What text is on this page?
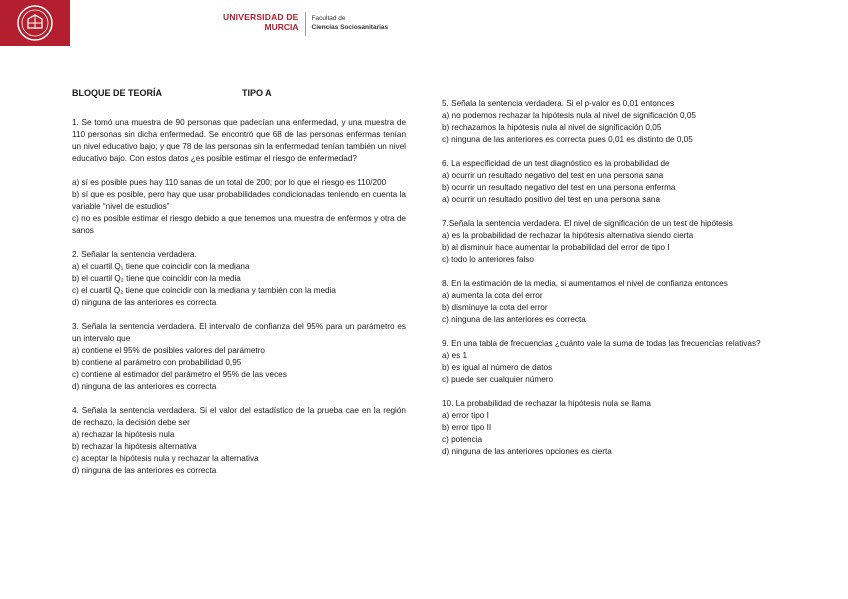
UNIVERSIDAD DE
MURCIA
Facultad de
Ciencias Sociosanitarias
BLOQUE DE TEORÍA	TIPO A
1. Se tomó una muestra de 90 personas que padecían una enfermedad, y una muestra de 110 personas sin dicha enfermedad. Se encontró que 68 de las personas enfermas tenían un nivel educativo bajo; y que 78 de las personas sin la enfermedad tenían también un nivel educativo bajo. Con estos datos ¿es posible estimar el riesgo de enfermedad?
a) sí es posible pues hay 110 sanas de un total de 200; por lo que el riesgo es 110/200
b) sí que es posible, pero hay que usar probabilidades condicionadas teniendo en cuenta la variable “nivel de estudios”
c) no es posible estimar el riesgo debido a que tenemos una muestra de enfermos y otra de sanos
2. Señalar la sentencia verdadera.
a) el cuartil Q₁ tiene que coincidir con la mediana
b) el cuartil Q₂ tiene que coincidir con la media
c) el cuartil Q₂ tiene que coincidir con la mediana y también con la media
d) ninguna de las anteriores es correcta
3. Señala la sentencia verdadera. El intervalo de confianza del 95% para un parámetro es un intervalo que
a) contiene el 95% de posibles valores del parámetro
b) contiene al parámetro con probabilidad 0,95
c) contiene al estimador del parámetro el 95% de las veces
d) ninguna de las anteriores es correcta
4. Señala la sentencia verdadera. Si el valor del estadístico de la prueba cae en la región de rechazo, la decisión debe ser
a) rechazar la hipótesis nula
b) rechazar la hipótesis alternativa
c) aceptar la hipótesis nula y rechazar la alternativa
d) ninguna de las anteriores es correcta
5. Señala la sentencia verdadera. Si el p-valor es 0,01 entonces
a) no podemos rechazar la hipótesis nula al nivel de significación 0,05
b) rechazamos la hipótesis nula al nivel de significación 0,05
c) ninguna de las anteriores es correcta pues 0,01 es distinto de 0,05
6. La especificidad de un test diagnóstico es la probabilidad de
a) ocurrir un resultado negativo del test en una persona sana
b) ocurrir un resultado negativo del test en una persona enferma
a) ocurrir un resultado positivo del test en una persona sana
7.Señala la sentencia verdadera. El nivel de significación de un test de hipótesis
a) es la probabilidad de rechazar la hipótesis alternativa siendo cierta
b) al disminuir hace aumentar la probabilidad del error de tipo I
c) todo lo anteriores falso
8. En la estimación de la media, si aumentamos el nivel de confianza entonces
a) aumenta la cota del error
b) disminuye la cota del error
c) ninguna de las anteriores es correcta
9. En una tabla de frecuencias ¿cuánto vale la suma de todas las frecuencias relativas?
a) es 1
b) es igual al número de datos
c) puede ser cualquier número
10. La probabilidad de rechazar la hipótesis nula se llama
a) error tipo I
b) error tipo II
c) potencia
d) ninguna de las anteriores opciones es cierta
